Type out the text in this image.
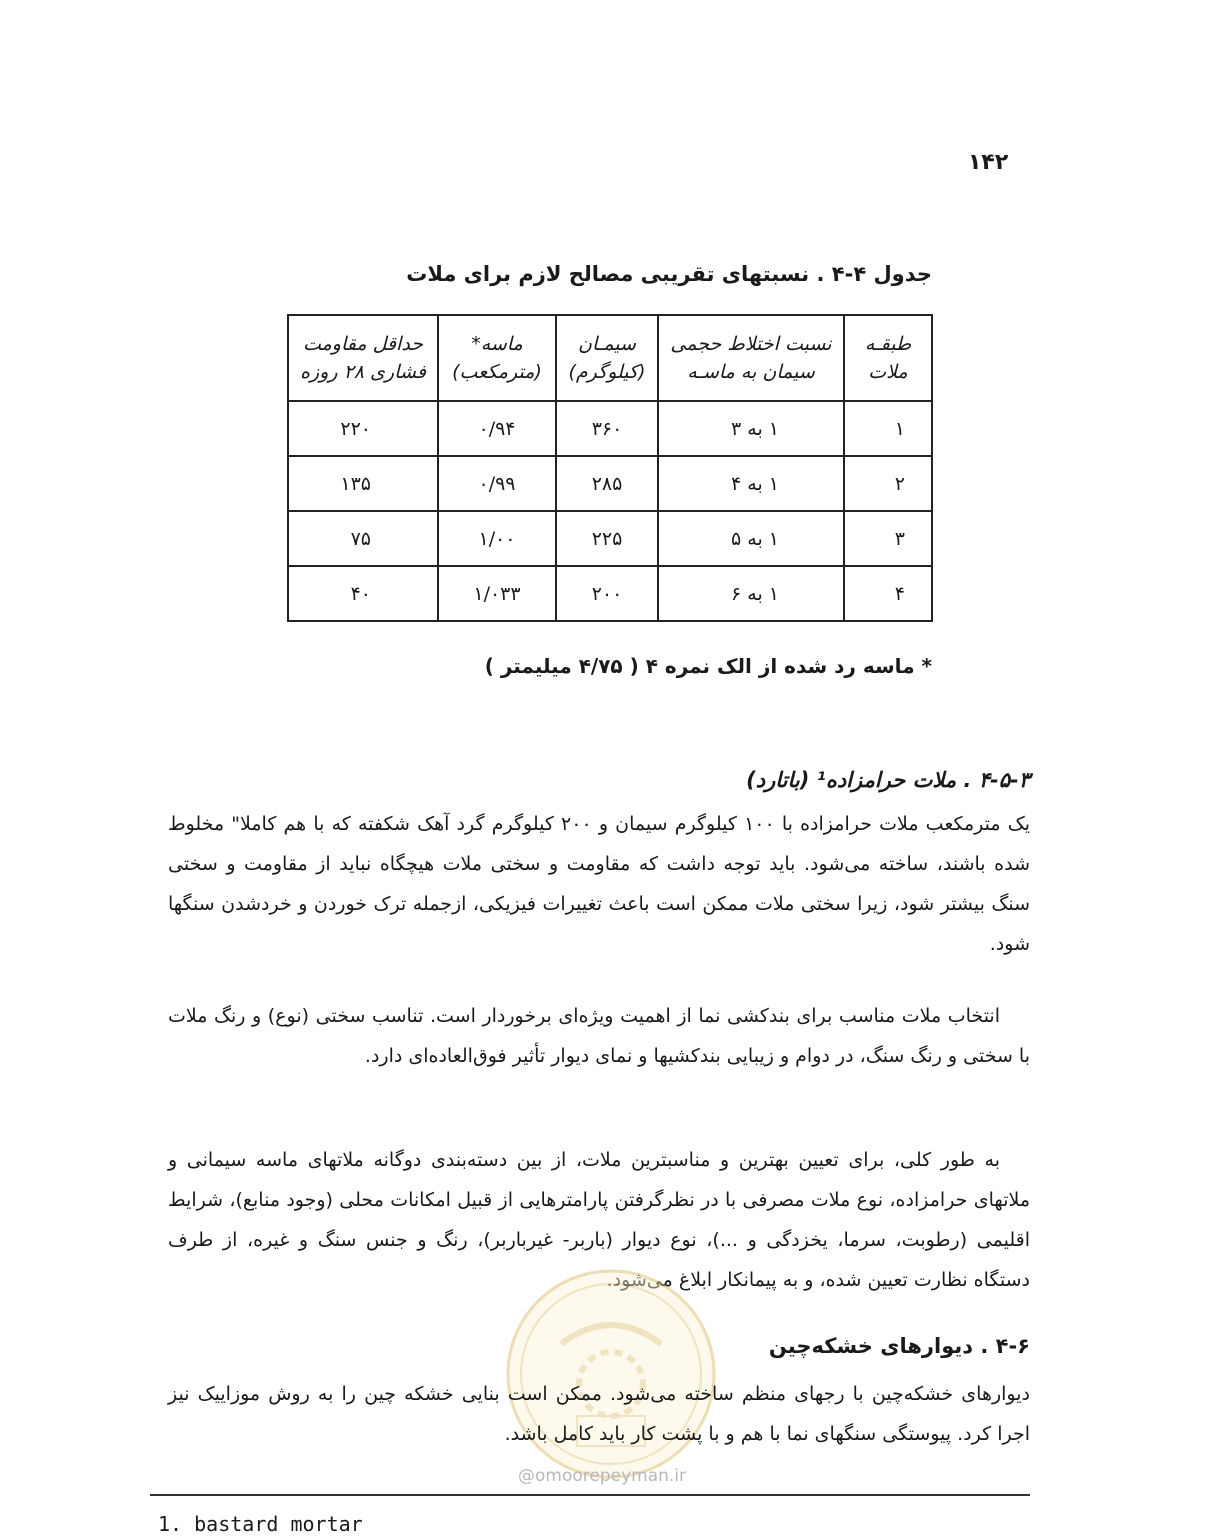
۱۴۲
جدول ۴-۴ . نسبتهای تقریبی مصالح لازم برای ملات
طبقـه ملات	نسبت اختلاط حجمی سیمان به ماسـه	سیمـان (کیلوگرم)	ماسه* (مترمکعب)	حداقل مقاومت فشاری ۲۸ روزه
۱	۱ به ۳	۳۶۰	۰/۹۴	۲۲۰
۲	۱ به ۴	۲۸۵	۰/۹۹	۱۳۵
۳	۱ به ۵	۲۲۵	۱/۰۰	۷۵
۴	۱ به ۶	۲۰۰	۱/۰۳۳	۴۰
* ماسه رد شده از الک نمره ۴ ( ۴/۷۵ میلیمتر )
۴-۵-۳ . ملات حرامزاده¹ (باتارد)

یک مترمکعب ملات حرامزاده با ۱۰۰ کیلوگرم سیمان و ۲۰۰ کیلوگرم گرد آهک شکفته که با هم کاملا" مخلوط شده باشند، ساخته می‌شود. باید توجه داشت که مقاومت و سختی ملات هیچگاه نباید از مقاومت و سختی سنگ بیشتر شود، زیرا سختی ملات ممکن است باعث تغییرات فیزیکی، ازجمله ترک خوردن و خردشدن سنگها شود.

انتخاب ملات مناسب برای بندکشی نما از اهمیت ویژه‌ای برخوردار است. تناسب سختی (نوع) و رنگ ملات با سختی و رنگ سنگ، در دوام و زیبایی بندکشیها و نمای دیوار تأثیر فوق‌العاده‌ای دارد.

به طور کلی، برای تعیین بهترین و مناسبترین ملات، از بین دسته‌بندی دوگانه ملاتهای ماسه سیمانی و ملاتهای حرامزاده، نوع ملات مصرفی با در نظرگرفتن پارامترهایی از قبیل امکانات محلی (وجود منابع)، شرایط اقلیمی (رطوبت، سرما، یخزدگی و ...)، نوع دیوار (باربر- غیرباربر)، رنگ و جنس سنگ و غیره، از طرف دستگاه نظارت تعیین شده، و به پیمانکار ابلاغ می‌شود.

۴-۶ . دیوارهای خشکه‌چین

دیوارهای خشکه‌چین با رجهای منظم ساخته می‌شود. ممکن است بنایی خشکه چین را به روش موزاییک نیز اجرا کرد. پیوستگی سنگهای نما با هم و با پشت کار باید کامل باشد.

@omoorepeyman.ir
1. bastard mortar
